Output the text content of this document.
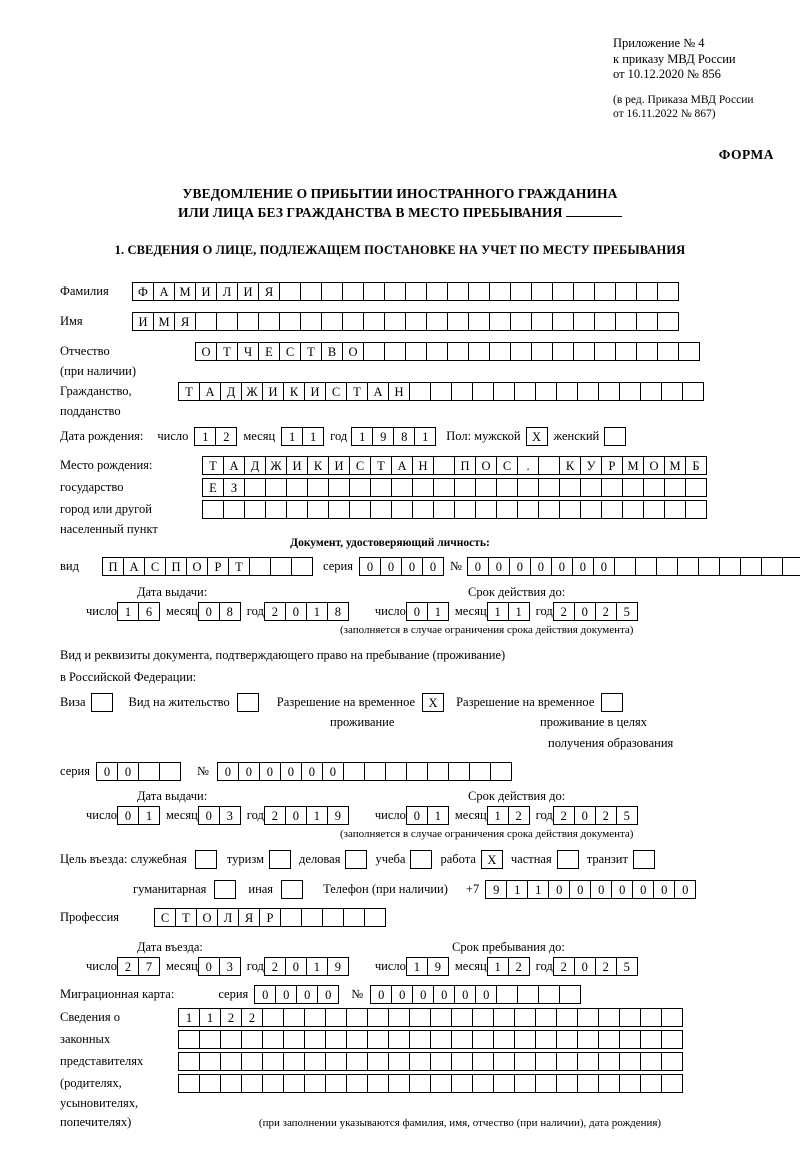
Приложение № 4
к приказу МВД России
от 10.12.2020 № 856
(в ред. Приказа МВД России
от 16.11.2022 № 867)
ФОРМА
УВЕДОМЛЕНИЕ О ПРИБЫТИИ ИНОСТРАННОГО ГРАЖДАНИНА
ИЛИ ЛИЦА БЕЗ ГРАЖДАНСТВА В МЕСТО ПРЕБЫВАНИЯ
1. СВЕДЕНИЯ О ЛИЦЕ, ПОДЛЕЖАЩЕМ ПОСТАНОВКЕ НА УЧЕТ ПО МЕСТУ ПРЕБЫВАНИЯ
Фамилия	Ф А М И Л И Я
Имя	И М Я
Отчество	О	Т	Ч	Е	С	Т	В О
(при наличии)
Гражданство,	Т	А Д Ж И К И С	Т	А Н
подданство
Дата рождения: число	1	2	месяц	1	1	год 1	9	8	1	Пол: мужской X женский
Место рождения:	Т	А Д Ж И К И С	Т	А Н	П О С	.	К У	Р М О М Б
государство	Е	З
город или другой
населенный пункт
Документ, удостоверяющий личность:
вид	П А С П О	Р	Т	серия	0	0	0	0	№	0	0	0	0	0	0	0
Дата выдачи:	Срок действия до:
число 1	6	месяц 0	8	год 2	0	1	8	число 0	1	месяц 1	1	год 2	0	2	5
(заполняется в случае ограничения срока действия документа)
Вид и реквизиты документа, подтверждающего право на пребывание (проживание)
в Российской Федерации:
Виза	Вид на жительство	Разрешение на временное	X	Разрешение на временное
проживание	проживание в целях
получения образования
серия	0	0	№	0	0	0	0	0	0
Дата выдачи:	Срок действия до:
число 0	1	месяц 0	3	год 2	0	1	9	число 0	1	месяц 1	2	год 2	0	2	5
(заполняется в случае ограничения срока действия документа)
Цель въезда: служебная	туризм	деловая	учеба	работа X	частная	транзит
гуманитарная	иная	Телефон (при наличии) +7	9	1	1	0	0	0	0	0	0	0
Профессия	С	Т	О Л	Я	Р
Дата въезда:	Срок пребывания до:
число 2	7	месяц 0	3	год 2	0	1	9	число 1	9	месяц 1	2	год 2	0	2	5
Миграционная карта:	серия	0	0	0	0	№	0	0	0	0	0	0
Сведения о	1	1	2	2
законных
представителях
(родителях,
усыновителях,
попечителях)	(при заполнении указываются фамилия, имя, отчество (при наличии), дата рождения)
